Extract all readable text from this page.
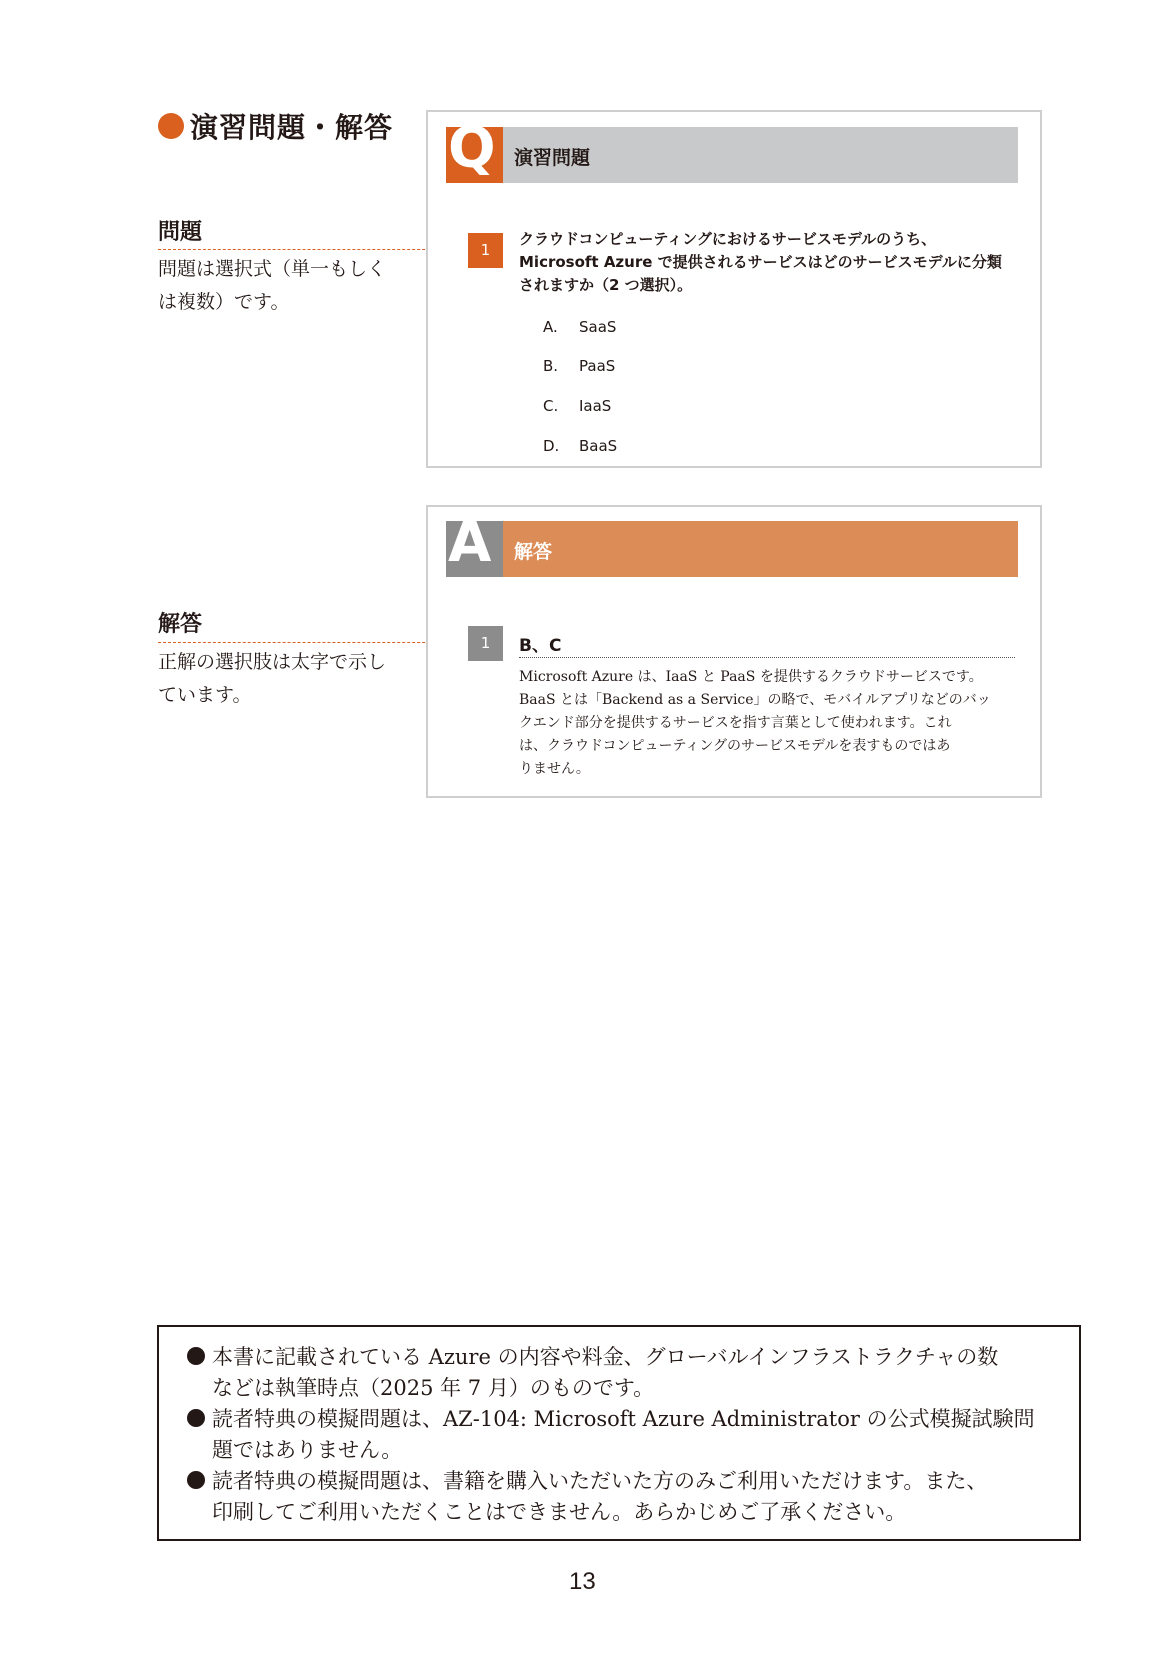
演習問題・解答
問題
問題は選択式（単一もしく
は複数）です。
解答
正解の選択肢は太字で示し
ています。
Q 演習問題
1
クラウドコンピューティングにおけるサービスモデルのうち、
Microsoft Azure で提供されるサービスはどのサービスモデルに分類
されますか（2 つ選択）。
A. SaaS
B. PaaS
C. IaaS
D. BaaS
A 解答
1	B、C
Microsoft Azure は、IaaS と PaaS を提供するクラウドサービスです。
BaaS とは「Backend as a Service」の略で、モバイルアプリなどのバッ
クエンド部分を提供するサービスを指す言葉として使われます。これ
は、クラウドコンピューティングのサービスモデルを表すものではあ
りません。
本書に記載されている Azure の内容や料金、グローバルインフラストラクチャの数
などは執筆時点（2025 年 7 月）のものです。
読者特典の模擬問題は、AZ-104: Microsoft Azure Administrator の公式模擬試験問
題ではありません。
読者特典の模擬問題は、書籍を購入いただいた方のみご利用いただけます。また、
印刷してご利用いただくことはできません。あらかじめご了承ください。
13
